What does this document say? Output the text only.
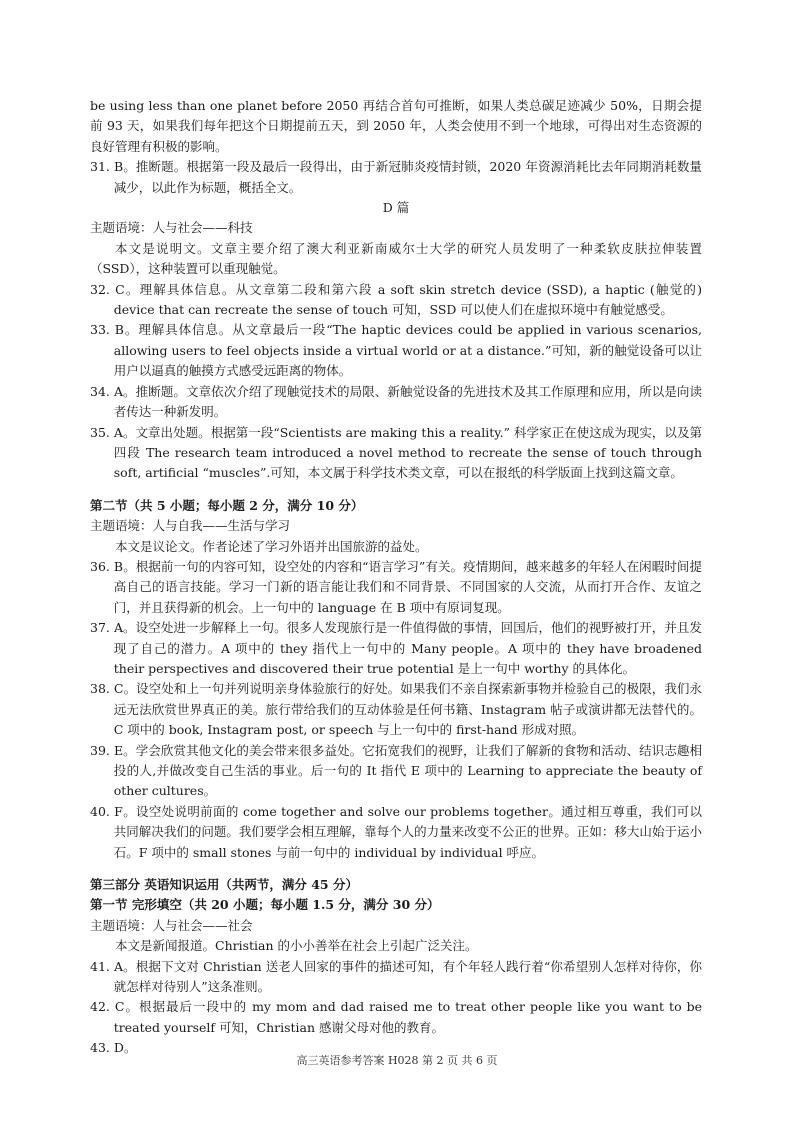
be using less than one planet before 2050 再结合首句可推断，如果人类总碳足迹减少 50%，日期会提前 93 天，如果我们每年把这个日期提前五天，到 2050 年，人类会使用不到一个地球，可得出对生态资源的良好管理有积极的影响。

31. B。推断题。根据第一段及最后一段得出，由于新冠肺炎疫情封锁，2020 年资源消耗比去年同期消耗数量减少，以此作为标题，概括全文。

D 篇

主题语境：人与社会——科技

本文是说明文。文章主要介绍了澳大利亚新南威尔士大学的研究人员发明了一种柔软皮肤拉伸装置（SSD），这种装置可以重现触觉。

32. C。理解具体信息。从文章第二段和第六段 a soft skin stretch device (SSD), a haptic (触觉的) device that can recreate the sense of touch 可知，SSD 可以使人们在虚拟环境中有触觉感受。

33. B。理解具体信息。从文章最后一段“The haptic devices could be applied in various scenarios, allowing users to feel objects inside a virtual world or at a distance.”可知，新的触觉设备可以让用户以逼真的触摸方式感受远距离的物体。

34. A。推断题。文章依次介绍了现触觉技术的局限、新触觉设备的先进技术及其工作原理和应用，所以是向读者传达一种新发明。

35. A。文章出处题。根据第一段“Scientists are making this a reality.” 科学家正在使这成为现实，以及第四段 The research team introduced a novel method to recreate the sense of touch through soft, artificial “muscles”.可知，本文属于科学技术类文章，可以在报纸的科学版面上找到这篇文章。

第二节（共 5 小题；每小题 2 分，满分 10 分）

主题语境：人与自我——生活与学习

本文是议论文。作者论述了学习外语并出国旅游的益处。

36. B。根据前一句的内容可知，设空处的内容和“语言学习”有关。疫情期间，越来越多的年轻人在闲暇时间提高自己的语言技能。学习一门新的语言能让我们和不同背景、不同国家的人交流，从而打开合作、友谊之门，并且获得新的机会。上一句中的 language 在 B 项中有原词复现。

37. A。设空处进一步解释上一句。很多人发现旅行是一件值得做的事情，回国后，他们的视野被打开，并且发现了自己的潜力。A 项中的 they 指代上一句中的 Many people。A 项中的 they have broadened their perspectives and discovered their true potential 是上一句中 worthy 的具体化。

38. C。设空处和上一句并列说明亲身体验旅行的好处。如果我们不亲自探索新事物并检验自己的极限，我们永远无法欣赏世界真正的美。旅行带给我们的互动体验是任何书籍、Instagram 帖子或演讲都无法替代的。C 项中的 book, Instagram post, or speech 与上一句中的 first-hand 形成对照。

39. E。学会欣赏其他文化的美会带来很多益处。它拓宽我们的视野，让我们了解新的食物和活动、结识志趣相投的人,并做改变自己生活的事业。后一句的 It 指代 E 项中的 Learning to appreciate the beauty of other cultures。

40. F。设空处说明前面的 come together and solve our problems together。通过相互尊重，我们可以共同解决我们的问题。我们要学会相互理解，靠每个人的力量来改变不公正的世界。正如：移大山始于运小石。F 项中的 small stones 与前一句中的 individual by individual 呼应。

第三部分 英语知识运用（共两节，满分 45 分）

第一节 完形填空（共 20 小题；每小题 1.5 分，满分 30 分）

主题语境：人与社会——社会

本文是新闻报道。Christian 的小小善举在社会上引起广泛关注。

41. A。根据下文对 Christian 送老人回家的事件的描述可知，有个年轻人践行着“你希望别人怎样对待你，你就怎样对待别人”这条准则。

42. C。根据最后一段中的 my mom and dad raised me to treat other people like you want to be treated yourself 可知，Christian 感谢父母对他的教育。

43. D。

高三英语参考答案 H028 第 2 页 共 6 页
